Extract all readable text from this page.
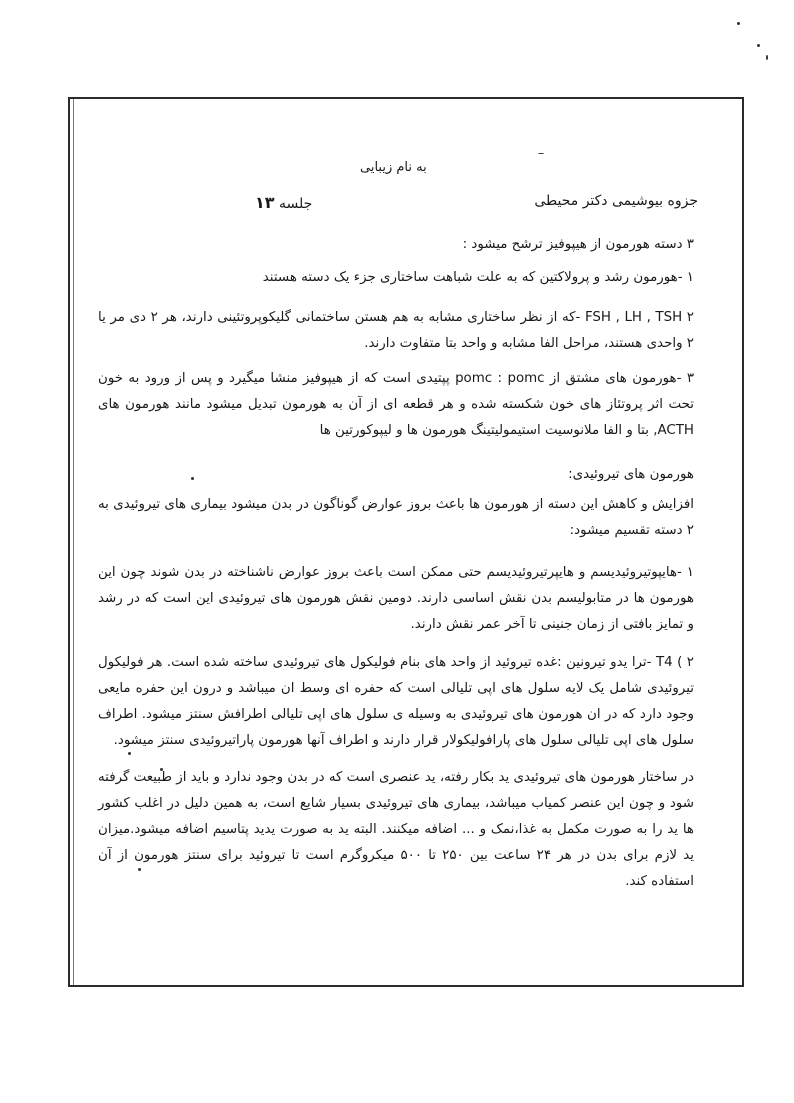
به نام زیبایی
جزوه بیوشیمی دکتر محیطی
جلسه ۱۳
۳ دسته هورمون از هیپوفیز ترشح میشود :
۱ -هورمون رشد و پرولاکتین که به علت شباهت ساختاری جزء یک دسته هستند
۲ FSH , LH , TSH -که از نظر ساختاری مشابه به هم هستن ساختمانی گلیکوپروتئینی دارند، هر ۲ دی مر یا ۲ واحدی هستند، مراحل الفا مشابه و واحد بتا متفاوت دارند.
۳ -هورمون های مشتق از pomc : pomc پپتیدی است که از هیپوفیز منشا میگیرد و پس از ورود به خون تحت اثر پروتئاز های خون شکسته شده و هر قطعه ای از آن به هورمون تبدیل میشود مانند هورمون های ACTH, بتا و الفا ملانوسیت استیمولیتینگ هورمون ها و لیپوکورتین ها
هورمون های تیروئیدی:
افزایش و کاهش این دسته از هورمون ها باعث بروز عوارض گوناگون در بدن میشود بیماری های تیروئیدی به ۲ دسته تقسیم میشود:
۱ -هایپوتیروئیدیسم و هایپرتیروئیدیسم حتی ممکن است باعث بروز عوارض ناشناخته در بدن شوند چون این هورمون ها در متابولیسم بدن نقش اساسی دارند. دومین نقش هورمون های تیروئیدی این است که در رشد و تمایز بافتی از زمان جنینی تا آخر عمر نقش دارند.
۲ ) T4 -ترا یدو تیرونین :غده تیروئید از واحد های بنام فولیکول های تیروئیدی ساخته شده است. هر فولیکول تیروئیدی شامل یک لایه سلول های اپی تلیالی است که حفره ای وسط ان میباشد و درون این حفره مایعی وجود دارد که در ان هورمون های تیروئیدی به وسیله ی سلول های اپی تلیالی اطرافش سنتز میشود. اطراف سلول های اپی تلیالی سلول های پارافولیکولار قرار دارند و اطراف آنها هورمون پاراتیروئیدی سنتز میشود.
در ساختار هورمون های تیروئیدی ید بکار رفته، ید عنصری است که در بدن وجود ندارد و باید از طبیعت گرفته شود و چون این عنصر کمیاب میباشد، بیماری های تیروئیدی بسیار شایع است، به همین دلیل در اغلب کشور ها ید را به صورت مکمل به غذا،نمک و ... اضافه میکنند. البته ید به صورت یدید پتاسیم اضافه میشود.میزان ید لازم برای بدن در هر ۲۴ ساعت بین ۲۵۰ تا ۵۰۰ میکروگرم است تا تیروئید برای سنتز هورمون از آن استفاده کند.
